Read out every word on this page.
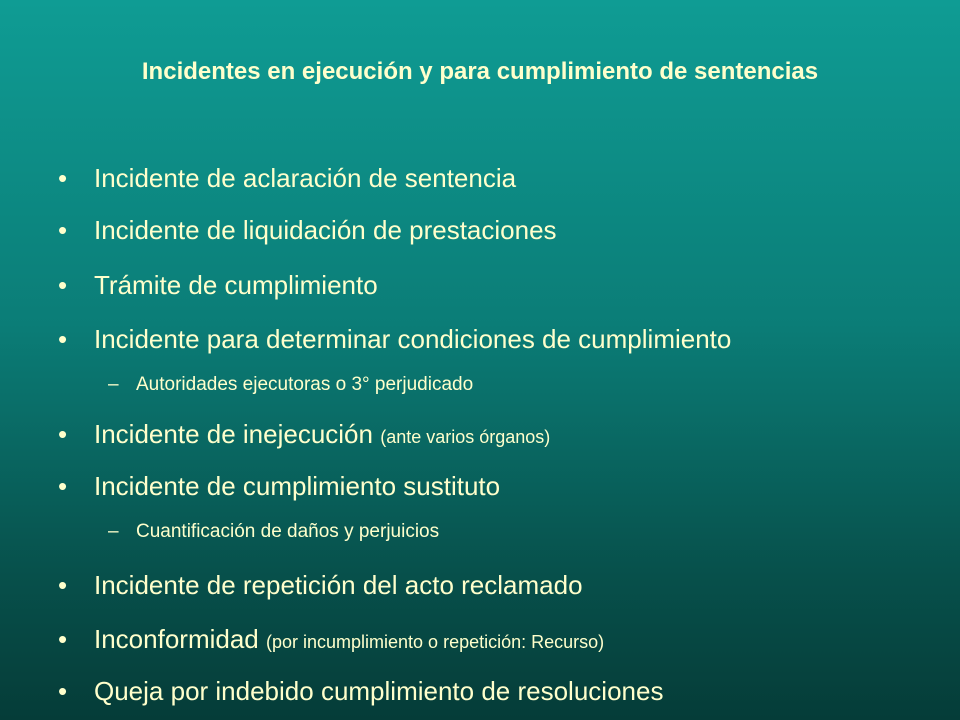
Incidentes en ejecución y para cumplimiento de sentencias
• Incidente de aclaración de sentencia
• Incidente de liquidación de prestaciones
• Trámite de cumplimiento
• Incidente para determinar condiciones de cumplimiento
– Autoridades ejecutoras o 3° perjudicado
• Incidente de inejecución (ante varios órganos)
• Incidente de cumplimiento sustituto
– Cuantificación de daños y perjuicios
• Incidente de repetición del acto reclamado
• Inconformidad (por incumplimiento o repetición: Recurso)
• Queja por indebido cumplimiento de resoluciones
